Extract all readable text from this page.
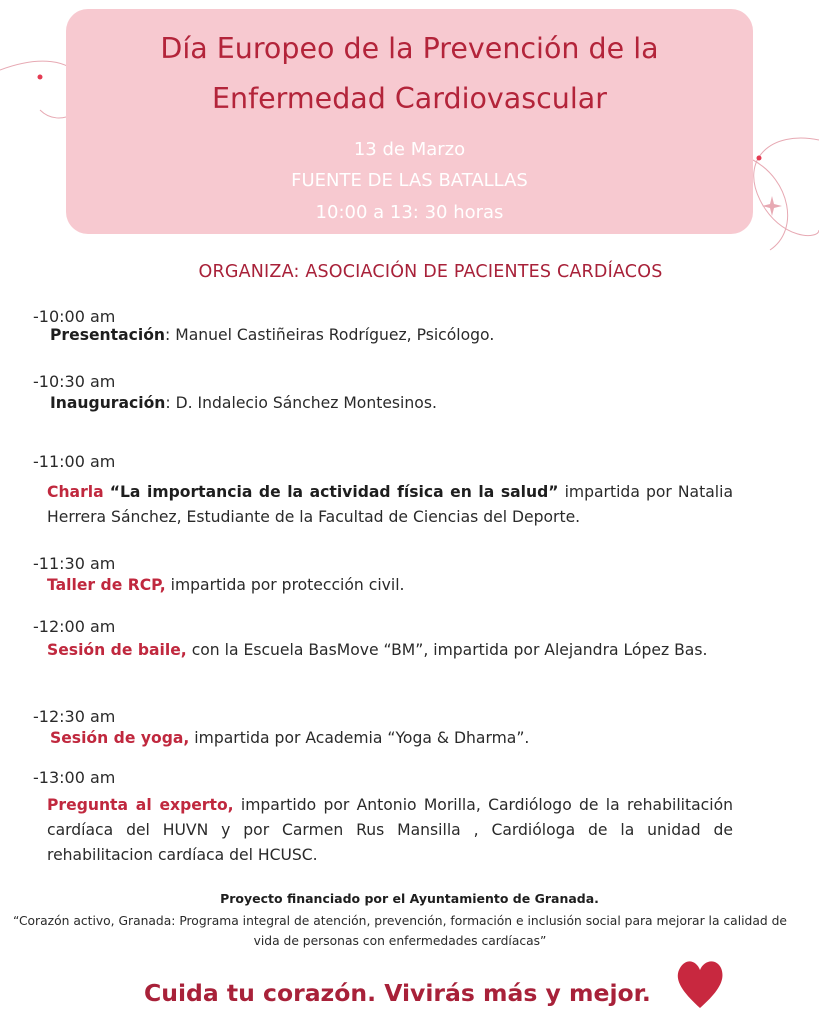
Día Europeo de la Prevención de la
Enfermedad Cardiovascular
13 de Marzo
FUENTE DE LAS BATALLAS
10:00 a 13: 30 horas
ORGANIZA: ASOCIACIÓN DE PACIENTES CARDÍACOS
-10:00 am
Presentación: Manuel Castiñeiras Rodríguez, Psicólogo.
-10:30 am
Inauguración: D. Indalecio Sánchez Montesinos.
-11:00 am
Charla “La importancia de la actividad física en la salud” impartida por Natalia Herrera Sánchez, Estudiante de la Facultad de Ciencias del Deporte.
-11:30 am
Taller de RCP, impartida por protección civil.
-12:00 am
Sesión de baile, con la Escuela BasMove “BM”, impartida por Alejandra López Bas.
-12:30 am
Sesión de yoga, impartida por Academia “Yoga & Dharma”.
-13:00 am
Pregunta al experto, impartido por Antonio Morilla, Cardiólogo de la rehabilitación cardíaca del HUVN y por Carmen Rus Mansilla , Cardióloga de la unidad de rehabilitacion cardíaca del HCUSC.
Proyecto financiado por el Ayuntamiento de Granada.
“Corazón activo, Granada: Programa integral de atención, prevención, formación e inclusión social para mejorar la calidad de vida de personas con enfermedades cardíacas”
Cuida tu corazón. Vivirás más y mejor.
